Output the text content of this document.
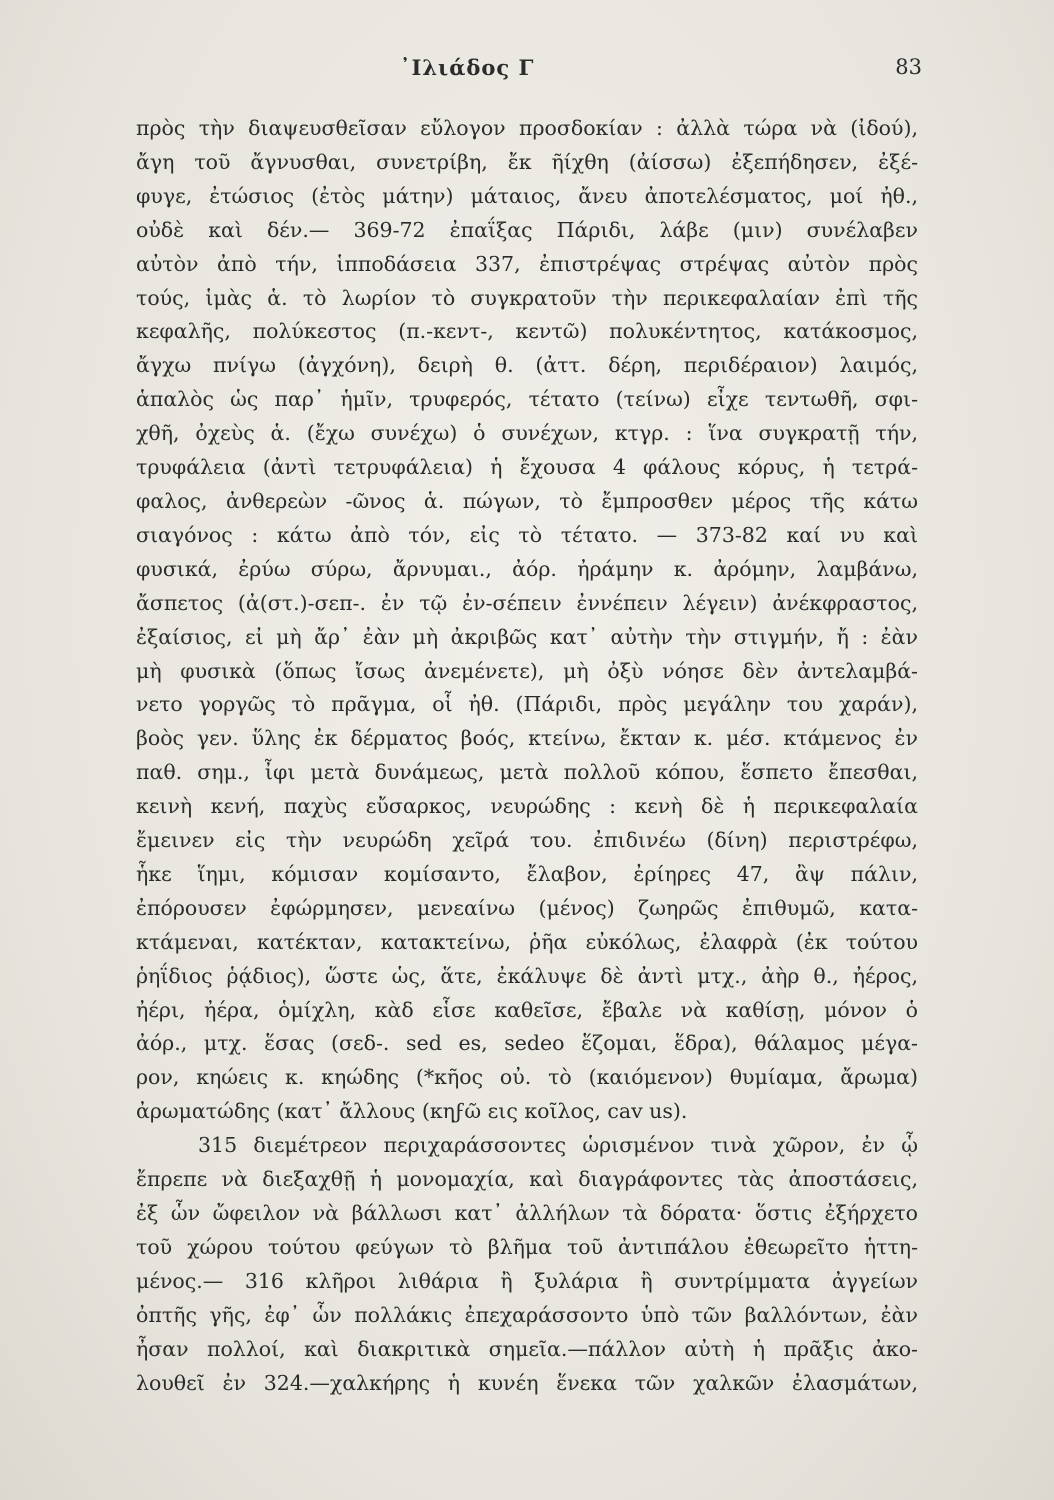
᾽Ιλιάδος Γ	83
πρὸς τὴν διαψευσθεῖσαν εὔλογον προσδοκίαν : ἀλλὰ τώρα νὰ (ἰδού),
ἄγη τοῦ ἄγνυσθαι, συνετρίβη, ἔκ ῆίχθη (ἀίσσω) ἐξεπήδησεν, ἐξέ-
φυγε, ἐτώσιος (ἐτὸς μάτην) μάταιος, ἄνευ ἀποτελέσματος, μοί ἠθ.,
οὐδὲ καὶ δέν.— 369-72 ἐπαΐξας Πάριδι, λάβε (μιν) συνέλαβεν
αὐτὸν ἀπὸ τήν, ἱπποδάσεια 337, ἐπιστρέψας στρέψας αὐτὸν πρὸς
τούς, ἱμὰς ἁ. τὸ λωρίον τὸ συγκρατοῦν τὴν περικεφαλαίαν ἐπὶ τῆς
κεφαλῆς, πολύκεστος (π.-κεντ-, κεντῶ) πολυκέντητος, κατάκοσμος,
ἄγχω πνίγω (ἀγχόνη), δειρὴ θ. (ἀττ. δέρη, περιδέραιον) λαιμός,
ἁπαλὸς ὡς παρ᾽ ἡμῖν, τρυφερός, τέτατο (τείνω) εἶχε τεντωθῆ, σφι-
χθῆ, ὀχεὺς ἁ. (ἔχω συνέχω) ὁ συνέχων, κτγρ. : ἵνα συγκρατῇ τήν,
τρυφάλεια (ἀντὶ τετρυφάλεια) ἡ ἔχουσα 4 φάλους κόρυς, ἡ τετρά-
φαλος, ἀνθερεὼν -ῶνος ἁ. πώγων, τὸ ἔμπροσθεν μέρος τῆς κάτω
σιαγόνος : κάτω ἀπὸ τόν, εἰς τὸ τέτατο. — 373-82 καί νυ καὶ
φυσικά, ἐρύω σύρω, ἄρνυμαι., ἀόρ. ἠράμην κ. ἀρόμην, λαμβάνω,
ἄσπετος (ἀ(στ.)-σεπ-. ἐν τῷ ἐν-σέπειν ἐννέπειν λέγειν) ἀνέκφραστος,
ἐξαίσιος, εἰ μὴ ἄρ᾽ ἐὰν μὴ ἀκριβῶς κατ᾽ αὐτὴν τὴν στιγμήν, ἤ : ἐὰν
μὴ φυσικὰ (ὅπως ἴσως ἀνεμένετε), μὴ ὀξὺ νόησε δὲν ἀντελαμβά-
νετο γοργῶς τὸ πρᾶγμα, οἷ ἠθ. (Πάριδι, πρὸς μεγάλην του χαράν),
βοὸς γεν. ὕλης ἐκ δέρματος βοός, κτείνω, ἔκταν κ. μέσ. κτάμενος ἐν
παθ. σημ., ἶφι μετὰ δυνάμεως, μετὰ πολλοῦ κόπου, ἕσπετο ἔπεσθαι,
κεινὴ κενή, παχὺς εὔσαρκος, νευρώδης : κενὴ δὲ ἡ περικεφαλαία
ἔμεινεν εἰς τὴν νευρώδη χεῖρά του. ἐπιδινέω (δίνη) περιστρέφω,
ἧκε ἵημι, κόμισαν κομίσαντο, ἔλαβον, ἐρίηρες 47, ἂψ πάλιν,
ἐπόρουσεν ἐφώρμησεν, μενεαίνω (μένος) ζωηρῶς ἐπιθυμῶ, κατα-
κτάμεναι, κατέκταν, κατακτείνω, ῥῆα εὐκόλως, ἐλαφρὰ (ἐκ τούτου
ῥηΐδιος ῥᾴδιος), ὥστε ὡς, ἅτε, ἐκάλυψε δὲ ἀντὶ μτχ., ἀὴρ θ., ἠέρος,
ἠέρι, ἠέρα, ὁμίχλη, κὰδ εἷσε καθεῖσε, ἔβαλε νὰ καθίσῃ, μόνον ὁ
ἀόρ., μτχ. ἕσας (σεδ-. sed es, sedeo ἕζομαι, ἕδρα), θάλαμος μέγα-
ρον, κηώεις κ. κηώδης (*κῆος οὐ. τὸ (καιόμενον) θυμίαμα, ἄρωμα)
ἀρωματώδης (κατ᾽ ἄλλους (κηϝῶ εις κοῖλος, cav us).
315 διεμέτρεον περιχαράσσοντες ὡρισμένον τινὰ χῶρον, ἐν ᾧ
ἔπρεπε νὰ διεξαχθῇ ἡ μονομαχία, καὶ διαγράφοντες τὰς ἀποστάσεις,
ἐξ ὧν ὤφειλον νὰ βάλλωσι κατ᾽ ἀλλήλων τὰ δόρατα· ὅστις ἐξήρχετο
τοῦ χώρου τούτου φεύγων τὸ βλῆμα τοῦ ἀντιπάλου ἐθεωρεῖτο ἡττη-
μένος.— 316 κλῆροι λιθάρια ἢ ξυλάρια ἢ συντρίμματα ἀγγείων
ὀπτῆς γῆς, ἐφ᾽ ὧν πολλάκις ἐπεχαράσσοντο ὑπὸ τῶν βαλλόντων, ἐὰν
ἦσαν πολλοί, καὶ διακριτικὰ σημεῖα.—πάλλον αὐτὴ ἡ πρᾶξις ἀκο-
λουθεῖ ἐν 324.—χαλκήρης ἡ κυνέη ἕνεκα τῶν χαλκῶν ἐλασμάτων,
